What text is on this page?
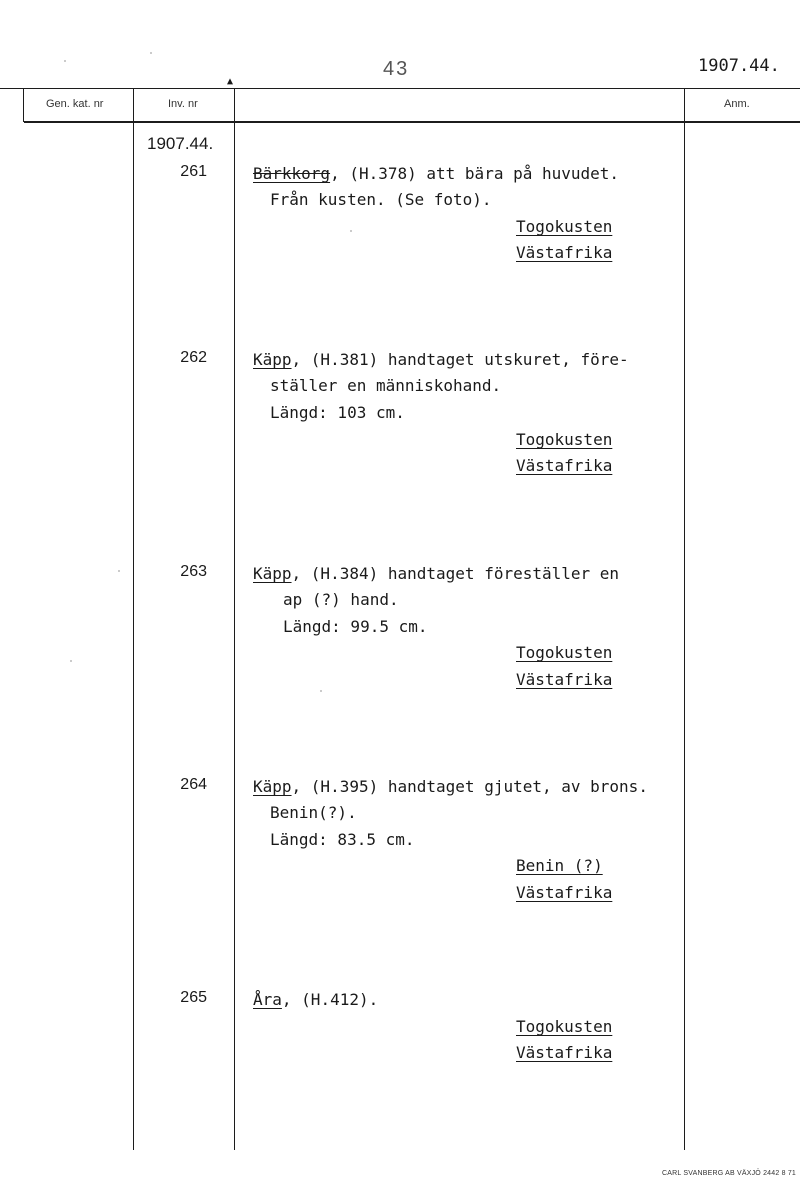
43	1907.44.
▲
Gen. kat. nr	Inv. nr	Anm.
1907.44.
261	Bärkkorg, (H.378) att bära på huvudet.
Från kusten. (Se foto).
Togokusten
Västafrika
262	Käpp, (H.381) handtaget utskuret, före-
ställer en människohand.
Längd: 103 cm.
Togokusten
Västafrika
263	Käpp, (H.384) handtaget föreställer en
ap (?) hand.
Längd: 99.5 cm.
Togokusten
Västafrika
264	Käpp, (H.395) handtaget gjutet, av brons.
Benin(?).
Längd: 83.5 cm.
Benin (?)
Västafrika
265	Åra, (H.412).
Togokusten
Västafrika
CARL SVANBERG AB VÄXJÖ 2442 8 71
